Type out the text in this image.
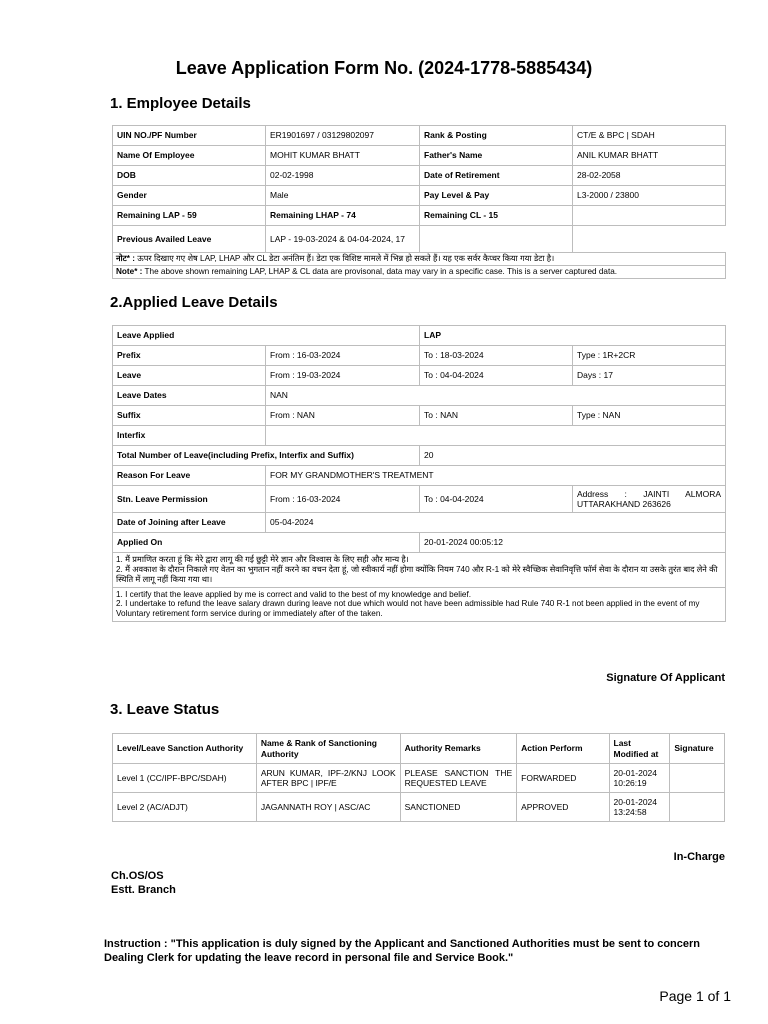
Leave Application Form No. (2024-1778-5885434)
1. Employee Details
UIN NO./PF Number	ER1901697 / 03129802097	Rank & Posting	CT/E & BPC | SDAH
Name Of Employee	MOHIT KUMAR BHATT	Father's Name	ANIL KUMAR BHATT
DOB	02-02-1998	Date of Retirement	28-02-2058
Gender	Male	Pay Level & Pay	L3-2000 / 23800
Remaining LAP - 59	Remaining LHAP - 74	Remaining CL - 15	
Previous Availed Leave	LAP - 19-03-2024 & 04-04-2024, 17		
नोट* : ऊपर दिखाए गए शेष LAP, LHAP और CL डेटा अनंतिम हैं। डेटा एक विशिष्ट मामले में भिन्न हो सकते हैं। यह एक सर्वर कैप्चर किया गया डेटा है।			
Note* : The above shown remaining LAP, LHAP & CL data are provisonal, data may vary in a specific case. This is a server captured data.			
2.Applied Leave Details
Leave Applied		LAP	
Prefix	From : 16-03-2024	To : 18-03-2024	Type : 1R+2CR
Leave	From : 19-03-2024	To : 04-04-2024	Days : 17
Leave Dates	NAN		
Suffix	From : NAN	To : NAN	Type : NAN
Interfix			
Total Number of Leave(including Prefix, Interfix and Suffix)		20	
Reason For Leave	FOR MY GRANDMOTHER'S TREATMENT		
Stn. Leave Permission	From : 16-03-2024	To : 04-04-2024	Address : JAINTI ALMORA UTTARAKHAND 263626
Date of Joining after Leave	05-04-2024		
Applied On		20-01-2024 00:05:12	

1. मैं प्रमाणित करता हूं कि मेरे द्वारा लागू की गई छुट्टी मेरे ज्ञान और विश्वास के लिए सही और मान्य है।
2. मैं अवकाश के दौरान निकाले गए वेतन का भुगतान नहीं करने का वचन देता हूं, जो स्वीकार्य नहीं होगा क्योंकि नियम 740 और R-1 को मेरे स्वैच्छिक सेवानिवृत्ति फॉर्म सेवा के दौरान या उसके तुरंत बाद लेने की स्थिति में लागू नहीं किया गया था।			

1. I certify that the leave applied by me is correct and valid to the best of my knowledge and belief.
2. I undertake to refund the leave salary drawn during leave not due which would not have been admissible had Rule 740 R-1 not been applied in the event of my Voluntary retirement form service during or immediately after of the taken.			
Signature Of Applicant
3. Leave Status
Level/Leave Sanction Authority	Name & Rank of Sanctioning Authority	Authority Remarks	Action Perform	Last Modified at	Signature
Level 1 (CC/IPF-BPC/SDAH)	ARUN KUMAR, IPF-2/KNJ LOOK AFTER BPC | IPF/E	PLEASE SANCTION THE REQUESTED LEAVE	FORWARDED	20-01-2024 10:26:19	
Level 2 (AC/ADJT)	JAGANNATH ROY | ASC/AC	SANCTIONED	APPROVED	20-01-2024 13:24:58	
In-Charge
Ch.OS/OS
Estt. Branch
Instruction : "This application is duly signed by the Applicant and Sanctioned Authorities must be sent to concern Dealing Clerk for updating the leave record in personal file and Service Book."
Page 1 of 1
